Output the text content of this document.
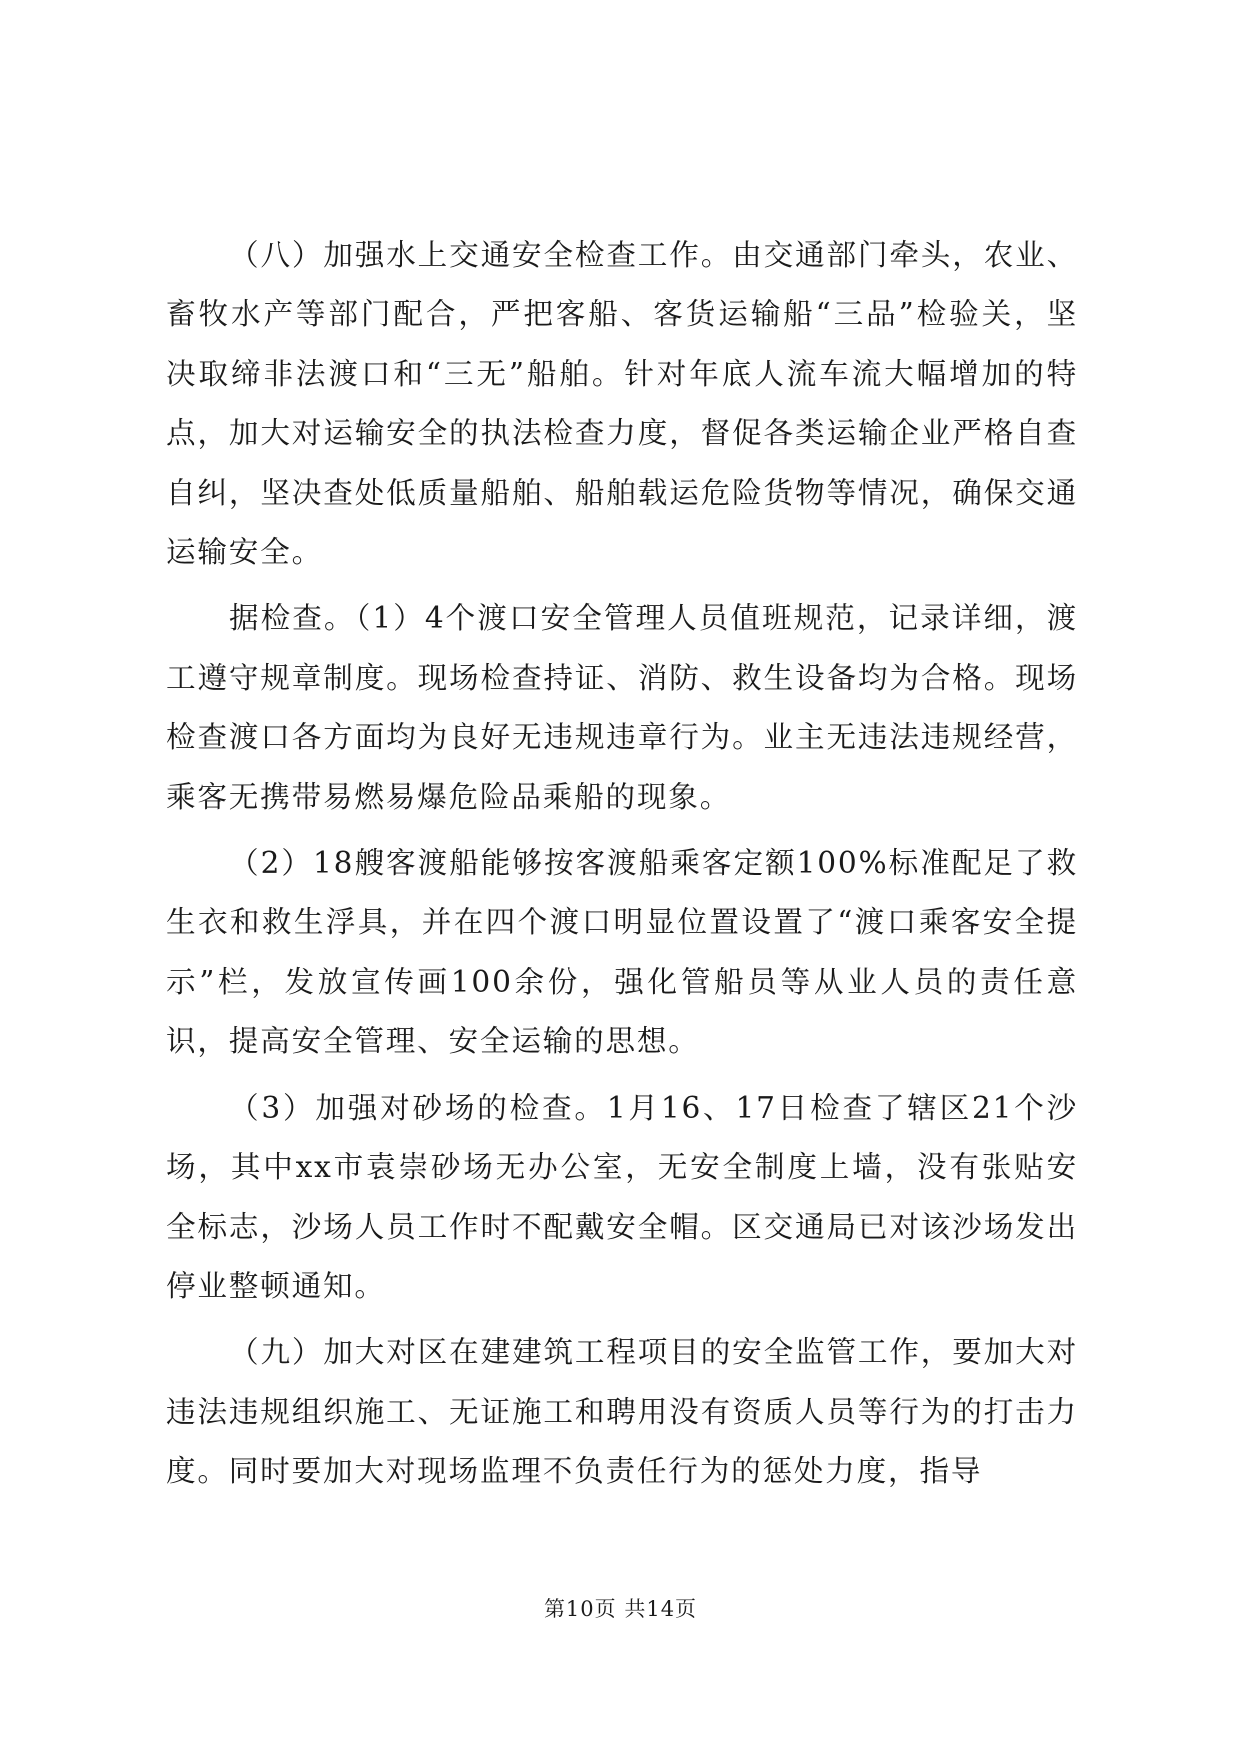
（八）加强水上交通安全检查工作。由交通部门牵头，农业、畜牧水产等部门配合，严把客船、客货运输船“三品”检验关，坚决取缔非法渡口和“三无”船舶。针对年底人流车流大幅增加的特点，加大对运输安全的执法检查力度，督促各类运输企业严格自查自纠，坚决查处低质量船舶、船舶载运危险货物等情况，确保交通运输安全。

据检查。（1）4个渡口安全管理人员值班规范，记录详细，渡工遵守规章制度。现场检查持证、消防、救生设备均为合格。现场检查渡口各方面均为良好无违规违章行为。业主无违法违规经营，乘客无携带易燃易爆危险品乘船的现象。

（2）18艘客渡船能够按客渡船乘客定额100%标准配足了救生衣和救生浮具，并在四个渡口明显位置设置了“渡口乘客安全提示”栏，发放宣传画100余份，强化管船员等从业人员的责任意识，提高安全管理、安全运输的思想。

（3）加强对砂场的检查。1月16、17日检查了辖区21个沙场，其中xx市袁崇砂场无办公室，无安全制度上墙，没有张贴安全标志，沙场人员工作时不配戴安全帽。区交通局已对该沙场发出停业整顿通知。

（九）加大对区在建建筑工程项目的安全监管工作，要加大对违法违规组织施工、无证施工和聘用没有资质人员等行为的打击力度。同时要加大对现场监理不负责任行为的惩处力度，指导

第10页 共14页
